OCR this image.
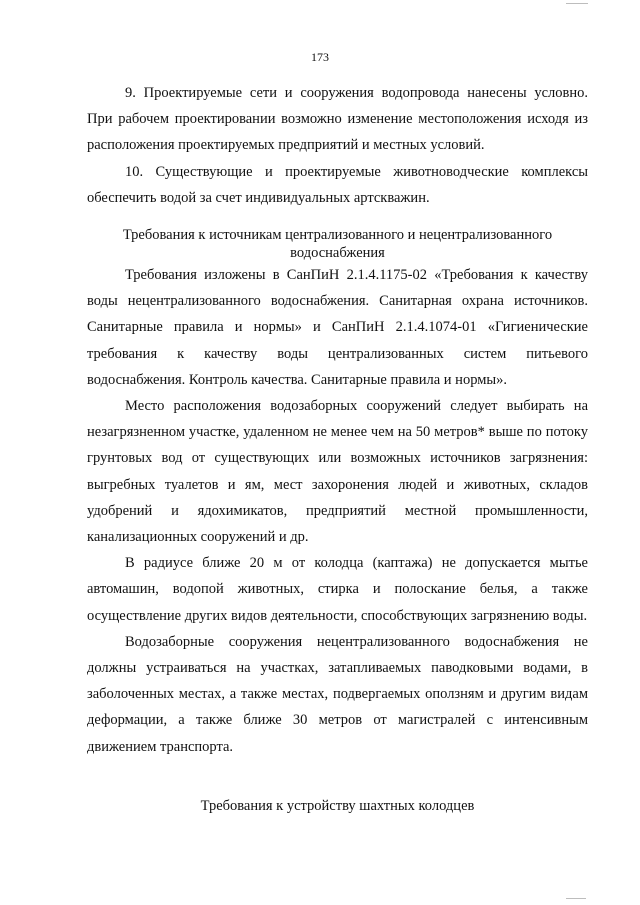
173

9. Проектируемые сети и сооружения водопровода нанесены условно. При рабочем проектировании возможно изменение местоположения исходя из расположения проектируемых предприятий и местных условий.

10. Существующие и проектируемые животноводческие комплексы обеспечить водой за счет индивидуальных артскважин.

Требования к источникам централизованного и нецентрализованного водоснабжения

Требования изложены в СанПиН 2.1.4.1175-02 «Требования к качеству воды нецентрализованного водоснабжения. Санитарная охрана источников. Санитарные правила и нормы» и СанПиН 2.1.4.1074-01 «Гигиенические требования к качеству воды централизованных систем питьевого водоснабжения. Контроль качества. Санитарные правила и нормы».

Место расположения водозаборных сооружений следует выбирать на незагрязненном участке, удаленном не менее чем на 50 метров* выше по потоку грунтовых вод от существующих или возможных источников загрязнения: выгребных туалетов и ям, мест захоронения людей и животных, складов удобрений и ядохимикатов, предприятий местной промышленности, канализационных сооружений и др.

В радиусе ближе 20 м от колодца (каптажа) не допускается мытье автомашин, водопой животных, стирка и полоскание белья, а также осуществление других видов деятельности, способствующих загрязнению воды.

Водозаборные сооружения нецентрализованного водоснабжения не должны устраиваться на участках, затапливаемых паводковыми водами, в заболоченных местах, а также местах, подвергаемых оползням и другим видам деформации, а также ближе 30 метров от магистралей с интенсивным движением транспорта.

Требования к устройству шахтных колодцев
